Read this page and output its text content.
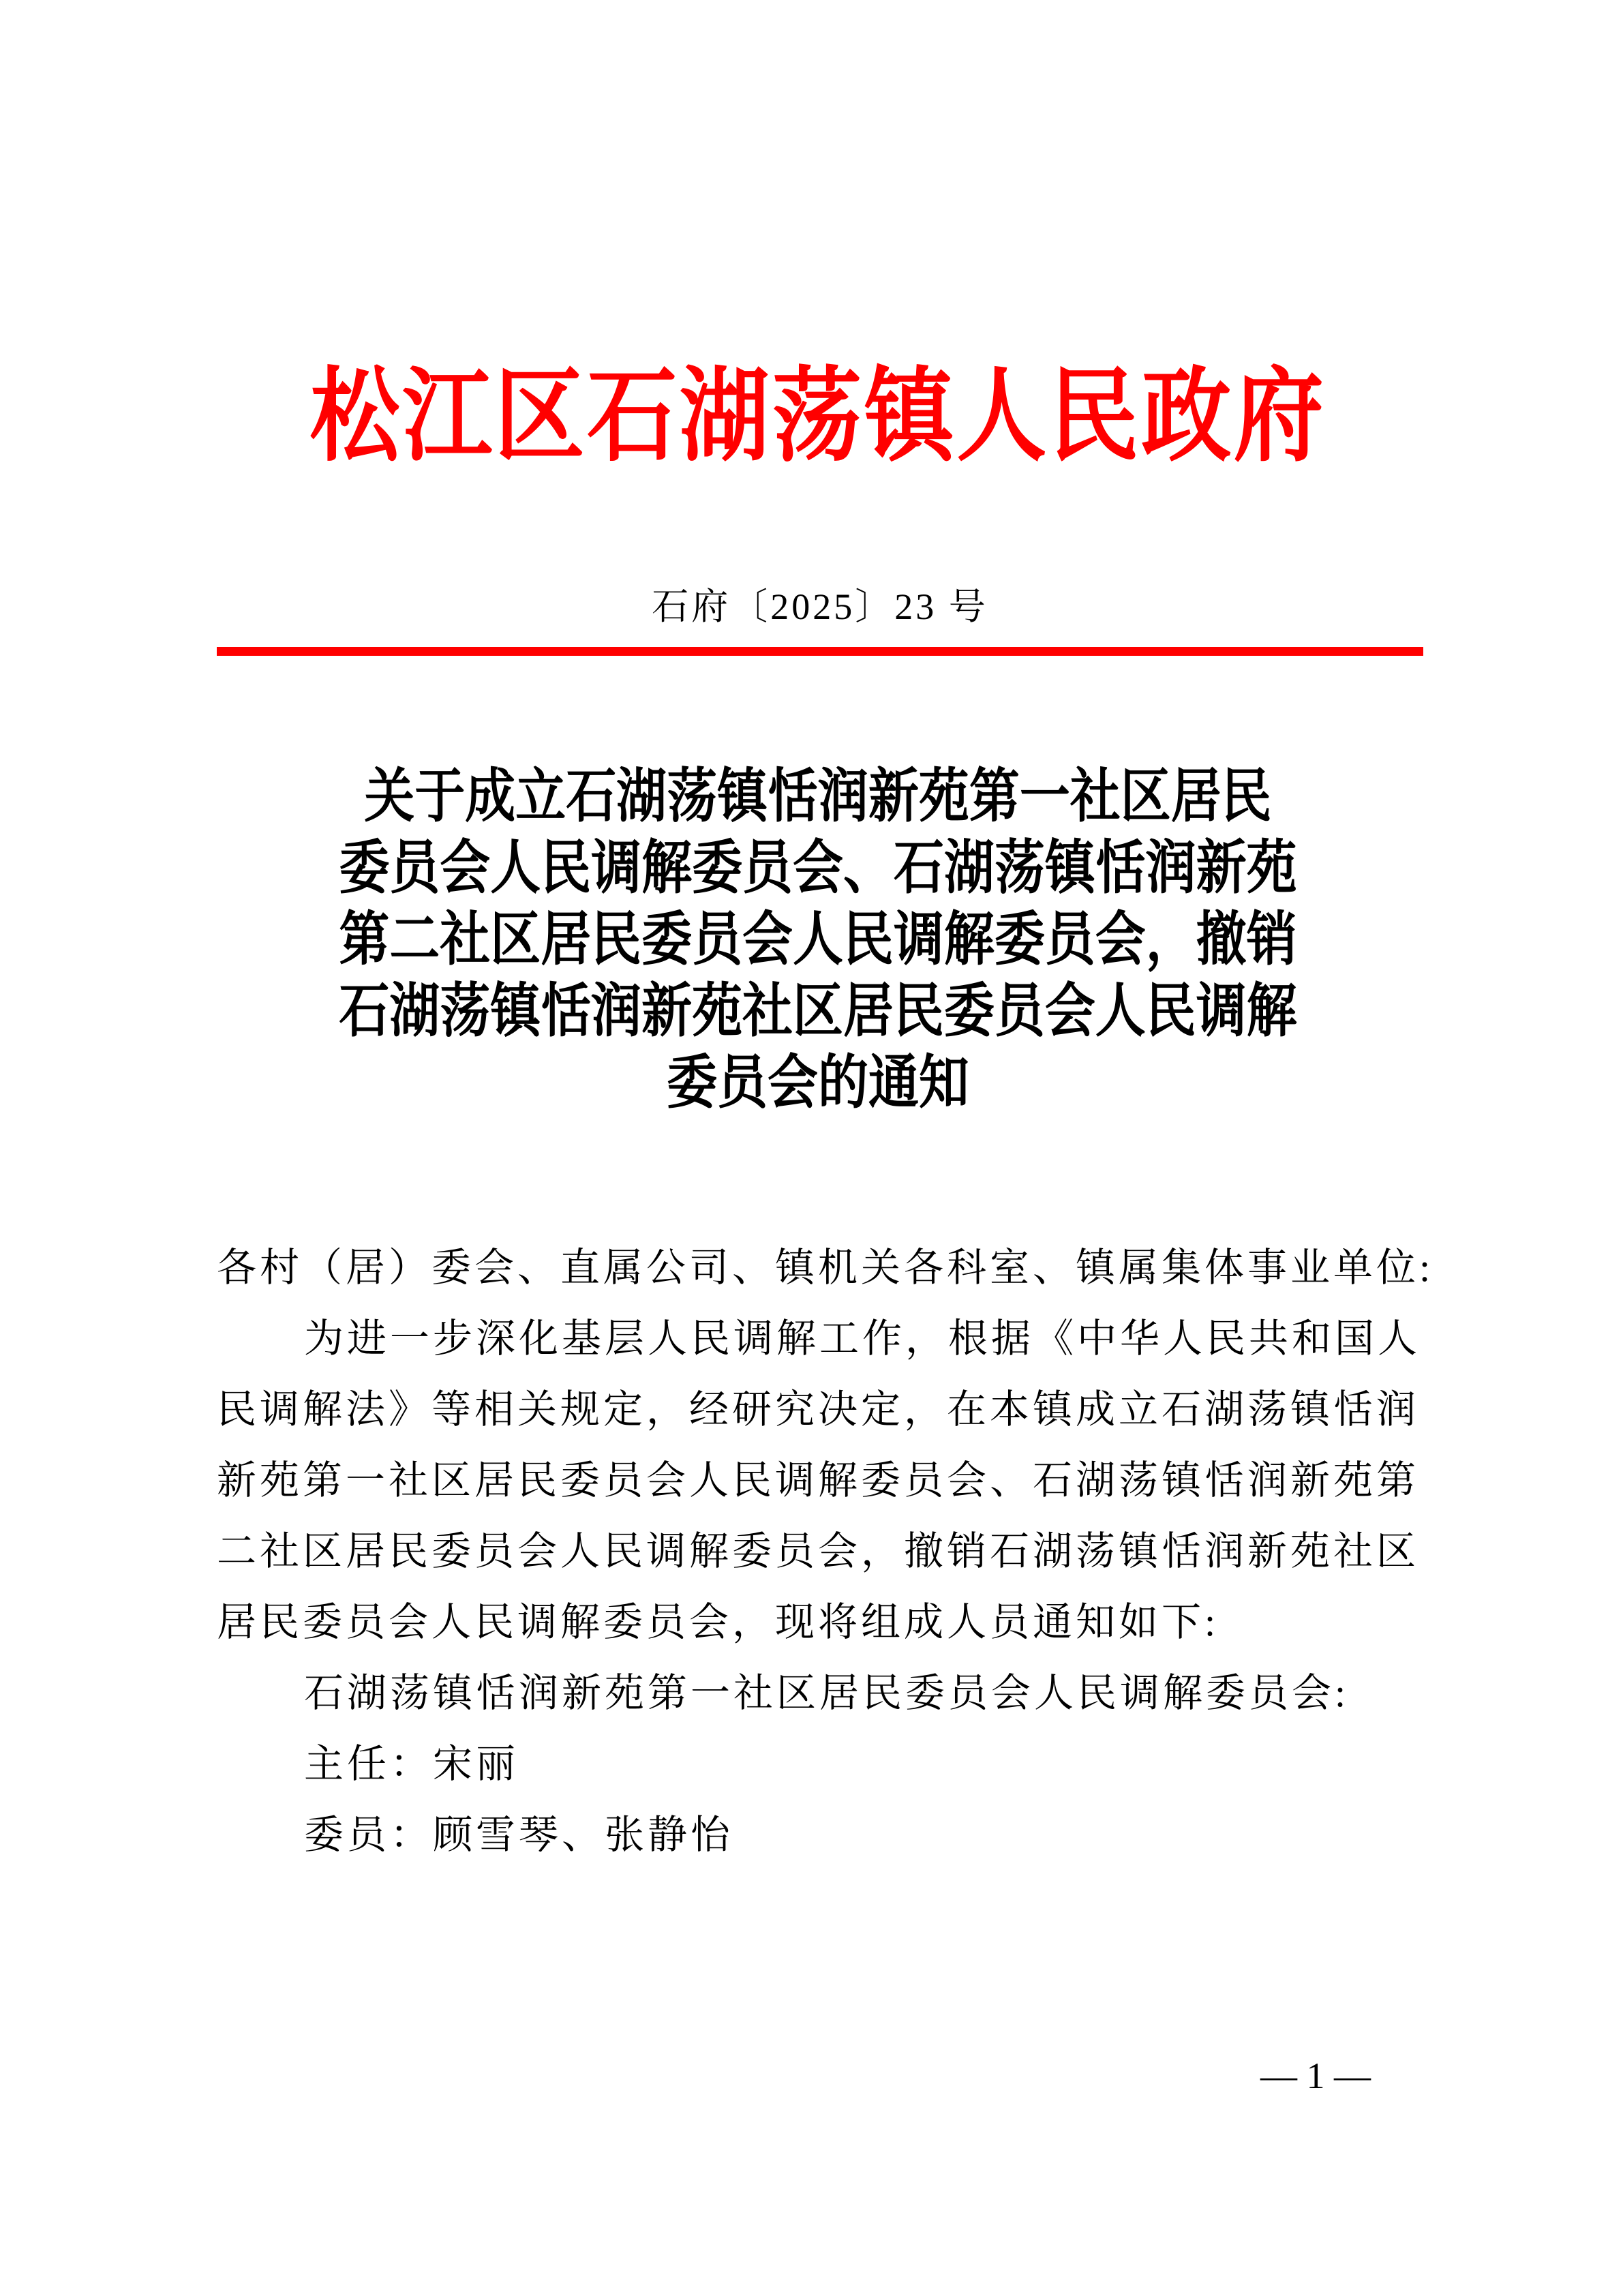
松江区石湖荡镇人民政府
石府〔2025〕23 号
关于成立石湖荡镇恬润新苑第一社区居民
委员会人民调解委员会、石湖荡镇恬润新苑
第二社区居民委员会人民调解委员会，撤销
石湖荡镇恬润新苑社区居民委员会人民调解
委员会的通知
各村（居）委会、直属公司、镇机关各科室、镇属集体事业单位:
为进一步深化基层人民调解工作，根据《中华人民共和国人
民调解法》等相关规定，经研究决定，在本镇成立石湖荡镇恬润
新苑第一社区居民委员会人民调解委员会、石湖荡镇恬润新苑第
二社区居民委员会人民调解委员会，撤销石湖荡镇恬润新苑社区
居民委员会人民调解委员会，现将组成人员通知如下:
石湖荡镇恬润新苑第一社区居民委员会人民调解委员会:
主任：宋丽
委员：顾雪琴、张静怡
— 1 —
